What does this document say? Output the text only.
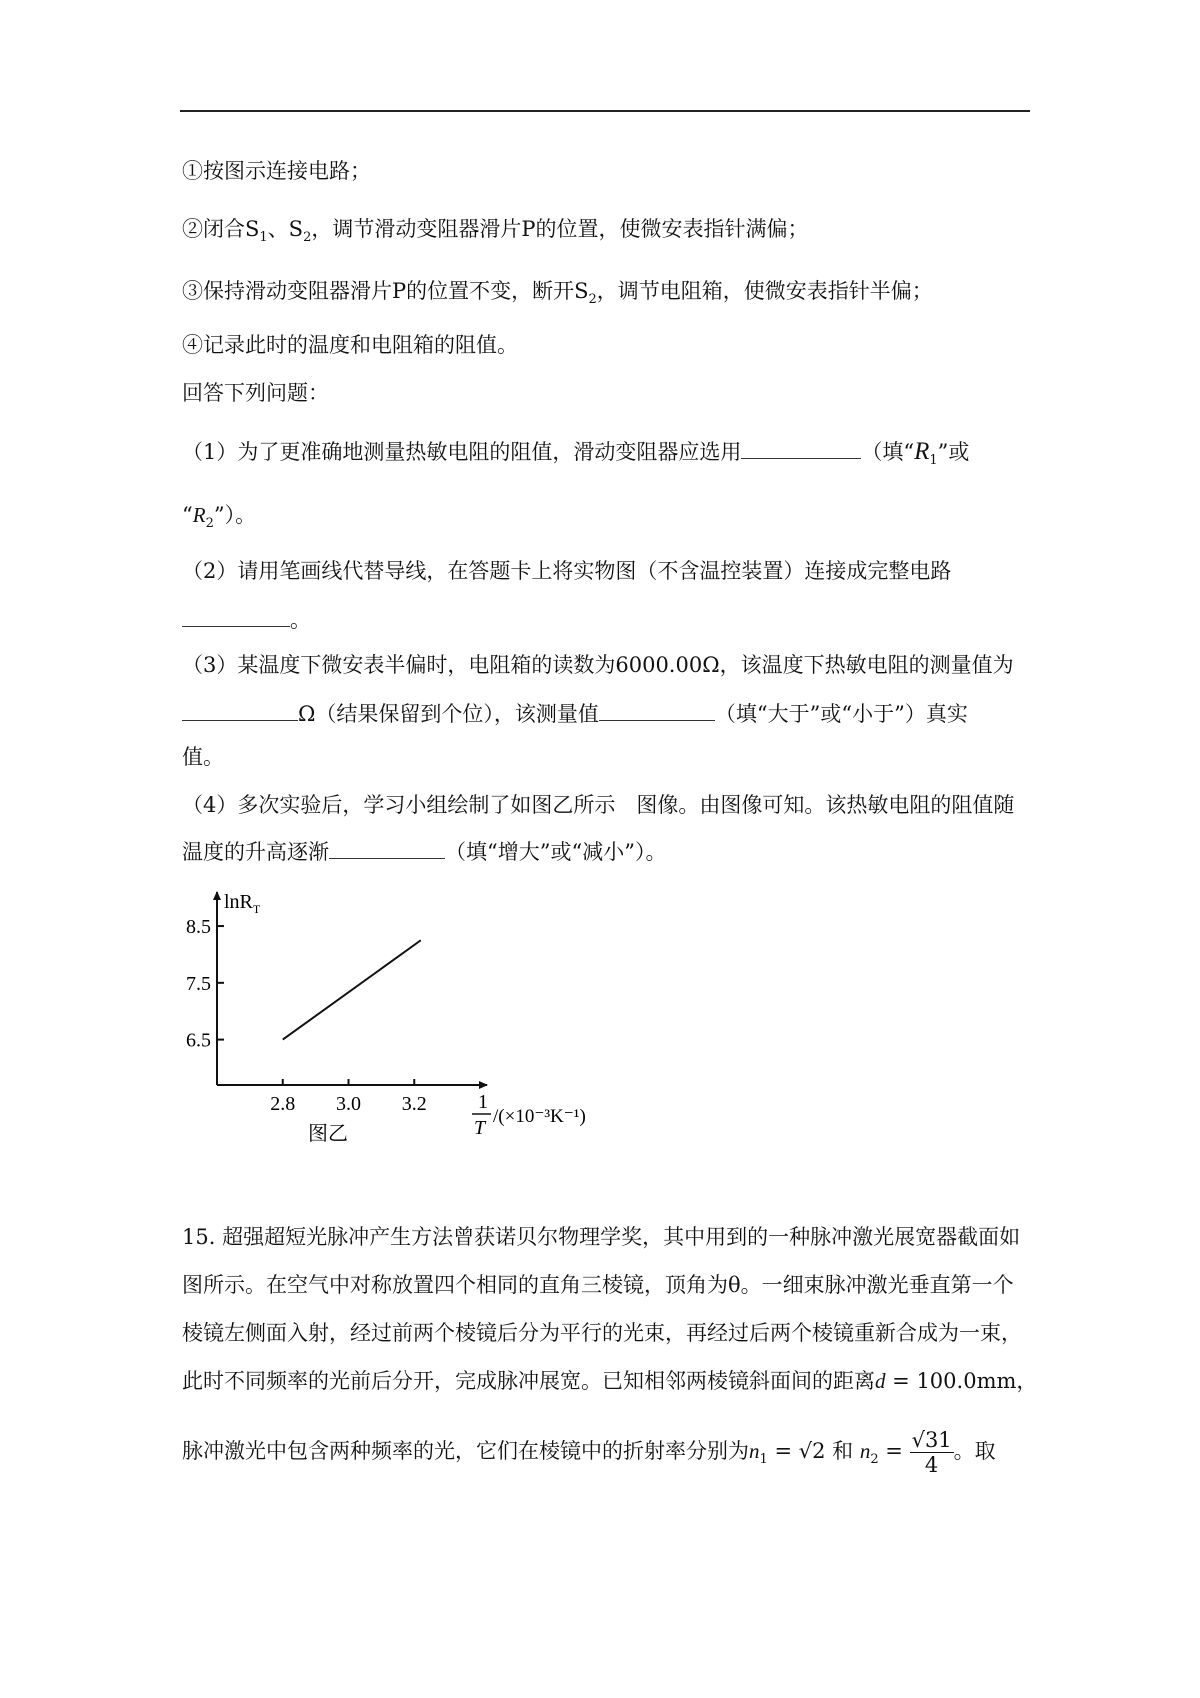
①按图示连接电路；
②闭合$S_1$、$S_2$，调节滑动变阻器滑片P的位置，使微安表指针满偏；
③保持滑动变阻器滑片P的位置不变，断开$S_2$，调节电阻箱，使微安表指针半偏；
④记录此时的温度和电阻箱的阻值。
回答下列问题：
（1）为了更准确地测量热敏电阻的阻值，滑动变阻器应选用	（填“$R_1$”或
“$R_2$”）。
（2）请用笔画线代替导线，在答题卡上将实物图（不含温控装置）连接成完整电路
。
（3）某温度下微安表半偏时，电阻箱的读数为6000.00Ω，该温度下热敏电阻的测量值为
Ω（结果保留到个位），该测量值	（填“大于”或“小于”）真实
值。
（4）多次实验后，学习小组绘制了如图乙所示　图像。由图像可知。该热敏电阻的阻值随
温度的升高逐渐	（填“增大”或“减小”）。
lnR$_T$
8.5
7.5
6.5
2.8 3.0 3.2	1
T
/(×10⁻³K⁻¹)
图乙
15. 超强超短光脉冲产生方法曾获诺贝尔物理学奖，其中用到的一种脉冲激光展宽器截面如
图所示。在空气中对称放置四个相同的直角三棱镜，顶角为θ。一细束脉冲激光垂直第一个
棱镜左侧面入射，经过前两个棱镜后分为平行的光束，再经过后两个棱镜重新合成为一束，
此时不同频率的光前后分开，完成脉冲展宽。已知相邻两棱镜斜面间的距离d = 100.0mm，
脉冲激光中包含两种频率的光，它们在棱镜中的折射率分别为$n_1 = √2$ 和 $n_2 = \frac{√31}{4}$ 。取
